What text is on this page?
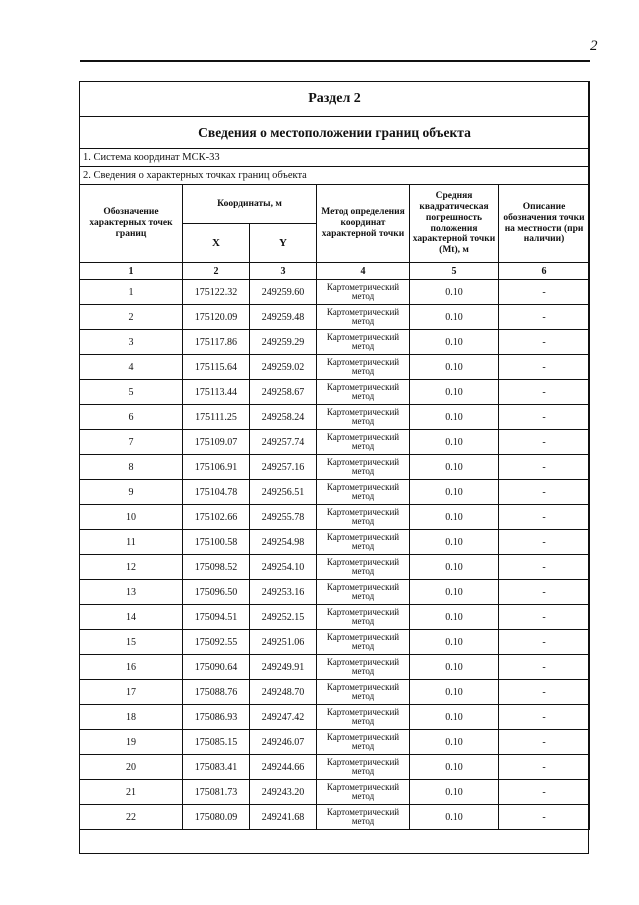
2
Раздел 2					
Сведения о местоположении границ объекта					
1. Система координат МСК-33					
2. Сведения о характерных точках границ объекта					
Обозначение характерных точек границ	Координаты, м		Метод определения координат характерной точки	Средняя квадратическая погрешность положения характерной точки (Mt), м	Описание обозначения точки на местности (при наличии)
	X	Y			
1	2	3	4	5	6
1	175122.32	249259.60	Картометрический метод	0.10	-
2	175120.09	249259.48	Картометрический метод	0.10	-
3	175117.86	249259.29	Картометрический метод	0.10	-
4	175115.64	249259.02	Картометрический метод	0.10	-
5	175113.44	249258.67	Картометрический метод	0.10	-
6	175111.25	249258.24	Картометрический метод	0.10	-
7	175109.07	249257.74	Картометрический метод	0.10	-
8	175106.91	249257.16	Картометрический метод	0.10	-
9	175104.78	249256.51	Картометрический метод	0.10	-
10	175102.66	249255.78	Картометрический метод	0.10	-
11	175100.58	249254.98	Картометрический метод	0.10	-
12	175098.52	249254.10	Картометрический метод	0.10	-
13	175096.50	249253.16	Картометрический метод	0.10	-
14	175094.51	249252.15	Картометрический метод	0.10	-
15	175092.55	249251.06	Картометрический метод	0.10	-
16	175090.64	249249.91	Картометрический метод	0.10	-
17	175088.76	249248.70	Картометрический метод	0.10	-
18	175086.93	249247.42	Картометрический метод	0.10	-
19	175085.15	249246.07	Картометрический метод	0.10	-
20	175083.41	249244.66	Картометрический метод	0.10	-
21	175081.73	249243.20	Картометрический метод	0.10	-
22	175080.09	249241.68	Картометрический метод	0.10	-
